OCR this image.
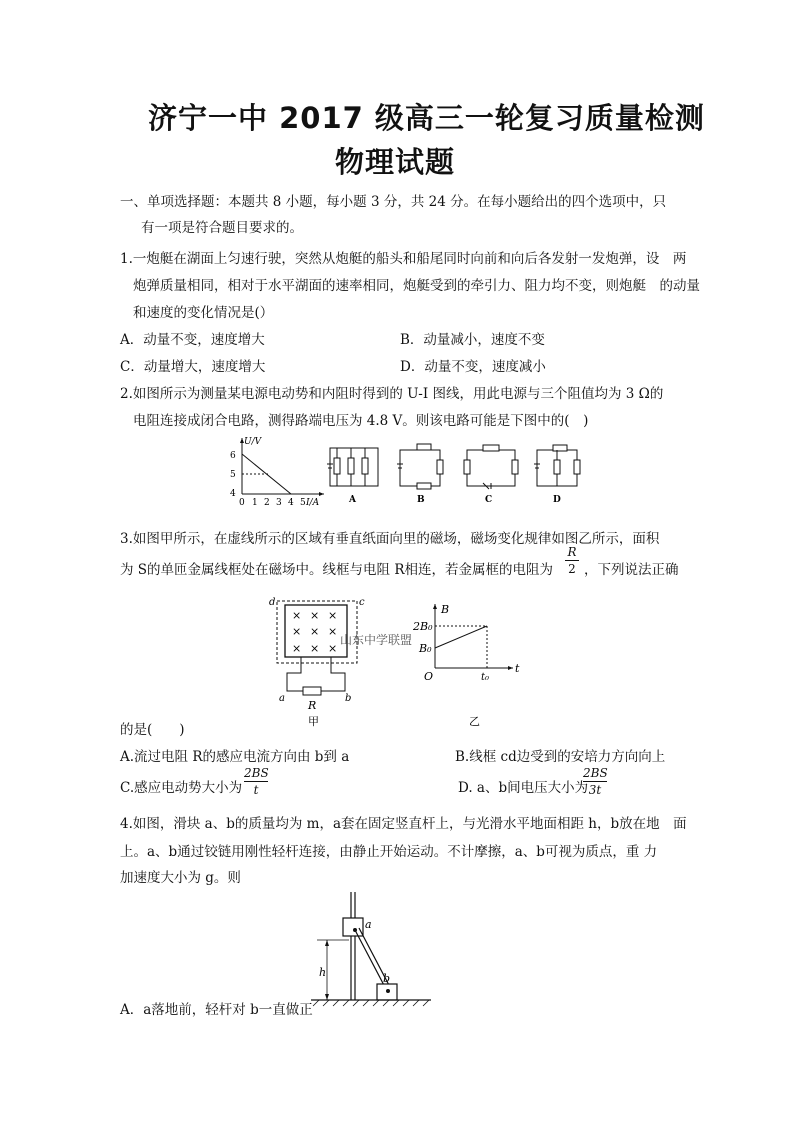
济宁一中 2017 级高三一轮复习质量检测
物理试题
一、单项选择题：本题共 8 小题，每小题 3 分，共 24 分。在每小题给出的四个选项中，只
有一项是符合题目要求的。
1.一炮艇在湖面上匀速行驶，突然从炮艇的船头和船尾同时向前和向后各发射一发炮弹，设　两
炮弹质量相同，相对于水平湖面的速率相同，炮艇受到的牵引力、阻力均不变，则炮艇　的动量
和速度的变化情况是(）
A．动量不变，速度增大	B．动量减小，速度不变
C．动量增大，速度增大	D．动量不变，速度减小
2.如图所示为测量某电源电动势和内阻时得到的 U-I 图线，用此电源与三个阻值均为 3 Ω的
电阻连接成闭合电路，测得路端电压为 4.8 V。则该电路可能是下图中的(　)
U/V
6
5
4
0 1 2 3 4 5 I/A	A	B	C	D
3.如图甲所示，在虚线所示的区域有垂直纸面向里的磁场，磁场变化规律如图乙所示，面积
为 S的单匝金属线框处在磁场中。线框与电阻 R相连，若金属框的电阻为
R
2 ，下列说法正确
× × ×
× × ×
× × ×
d	c
a	b
R
甲
山东中学联盟
B
t
O
2B₀
B₀
t₀
乙
的是(　　)
A.流过电阻 R的感应电流方向由 b到 a	B.线框 cd边受到的安培力方向向上
C.感应电动势大小为
2BS
t	D. a、b间电压大小为
2BS
3t
4.如图，滑块 a、b的质量均为 m，a套在固定竖直杆上，与光滑水平地面相距 h，b放在地　面
上。a、b通过铰链用刚性轻杆连接，由静止开始运动。不计摩擦，a、b可视为质点，重 力
加速度大小为 g。则
h
a
b
A．a落地前，轻杆对 b一直做正
